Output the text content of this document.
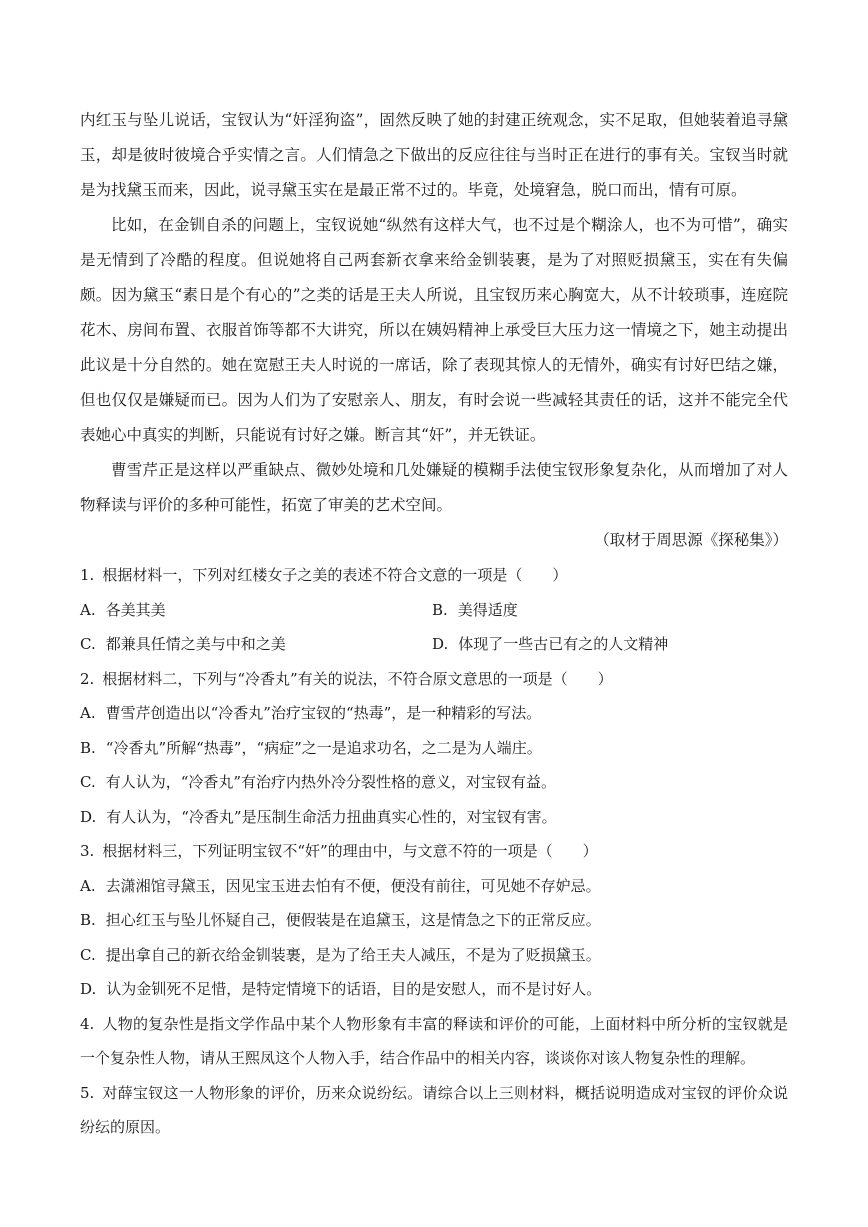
内红玉与坠儿说话，宝钗认为“奸淫狗盗”，固然反映了她的封建正统观念，实不足取，但她装着追寻黛玉，却是彼时彼境合乎实情之言。人们情急之下做出的反应往往与当时正在进行的事有关。宝钗当时就是为找黛玉而来，因此，说寻黛玉实在是最正常不过的。毕竟，处境窘急，脱口而出，情有可原。

比如，在金钏自杀的问题上，宝钗说她“纵然有这样大气，也不过是个糊涂人，也不为可惜”，确实是无情到了冷酷的程度。但说她将自己两套新衣拿来给金钏装裹，是为了对照贬损黛玉，实在有失偏颇。因为黛玉“素日是个有心的”之类的话是王夫人所说，且宝钗历来心胸宽大，从不计较琐事，连庭院花木、房间布置、衣服首饰等都不大讲究，所以在姨妈精神上承受巨大压力这一情境之下，她主动提出此议是十分自然的。她在宽慰王夫人时说的一席话，除了表现其惊人的无情外，确实有讨好巴结之嫌，但也仅仅是嫌疑而已。因为人们为了安慰亲人、朋友，有时会说一些减轻其责任的话，这并不能完全代表她心中真实的判断，只能说有讨好之嫌。断言其“奸”，并无铁证。

曹雪芹正是这样以严重缺点、微妙处境和几处嫌疑的模糊手法使宝钗形象复杂化，从而增加了对人物释读与评价的多种可能性，拓宽了审美的艺术空间。

（取材于周思源《探秘集》）

1. 根据材料一，下列对红楼女子之美的表述不符合文意的一项是（　　）

A. 各美其美	B. 美得适度
C. 都兼具任情之美与中和之美	D. 体现了一些古已有之的人文精神

2. 根据材料二，下列与“冷香丸”有关的说法，不符合原文意思的一项是（　　）

A. 曹雪芹创造出以“冷香丸”治疗宝钗的“热毒”，是一种精彩的写法。

B. “冷香丸”所解“热毒”，“病症”之一是追求功名，之二是为人端庄。

C. 有人认为，“冷香丸”有治疗内热外冷分裂性格的意义，对宝钗有益。

D. 有人认为，“冷香丸”是压制生命活力扭曲真实心性的，对宝钗有害。

3. 根据材料三，下列证明宝钗不“奸”的理由中，与文意不符的一项是（　　）

A. 去潇湘馆寻黛玉，因见宝玉进去怕有不便，便没有前往，可见她不存妒忌。

B. 担心红玉与坠儿怀疑自己，便假装是在追黛玉，这是情急之下的正常反应。

C. 提出拿自己的新衣给金钏装裹，是为了给王夫人减压，不是为了贬损黛玉。

D. 认为金钏死不足惜，是特定情境下的话语，目的是安慰人，而不是讨好人。

4. 人物的复杂性是指文学作品中某个人物形象有丰富的释读和评价的可能，上面材料中所分析的宝钗就是一个复杂性人物，请从王熙凤这个人物入手，结合作品中的相关内容，谈谈你对该人物复杂性的理解。

5. 对薛宝钗这一人物形象的评价，历来众说纷纭。请综合以上三则材料，概括说明造成对宝钗的评价众说纷纭的原因。
